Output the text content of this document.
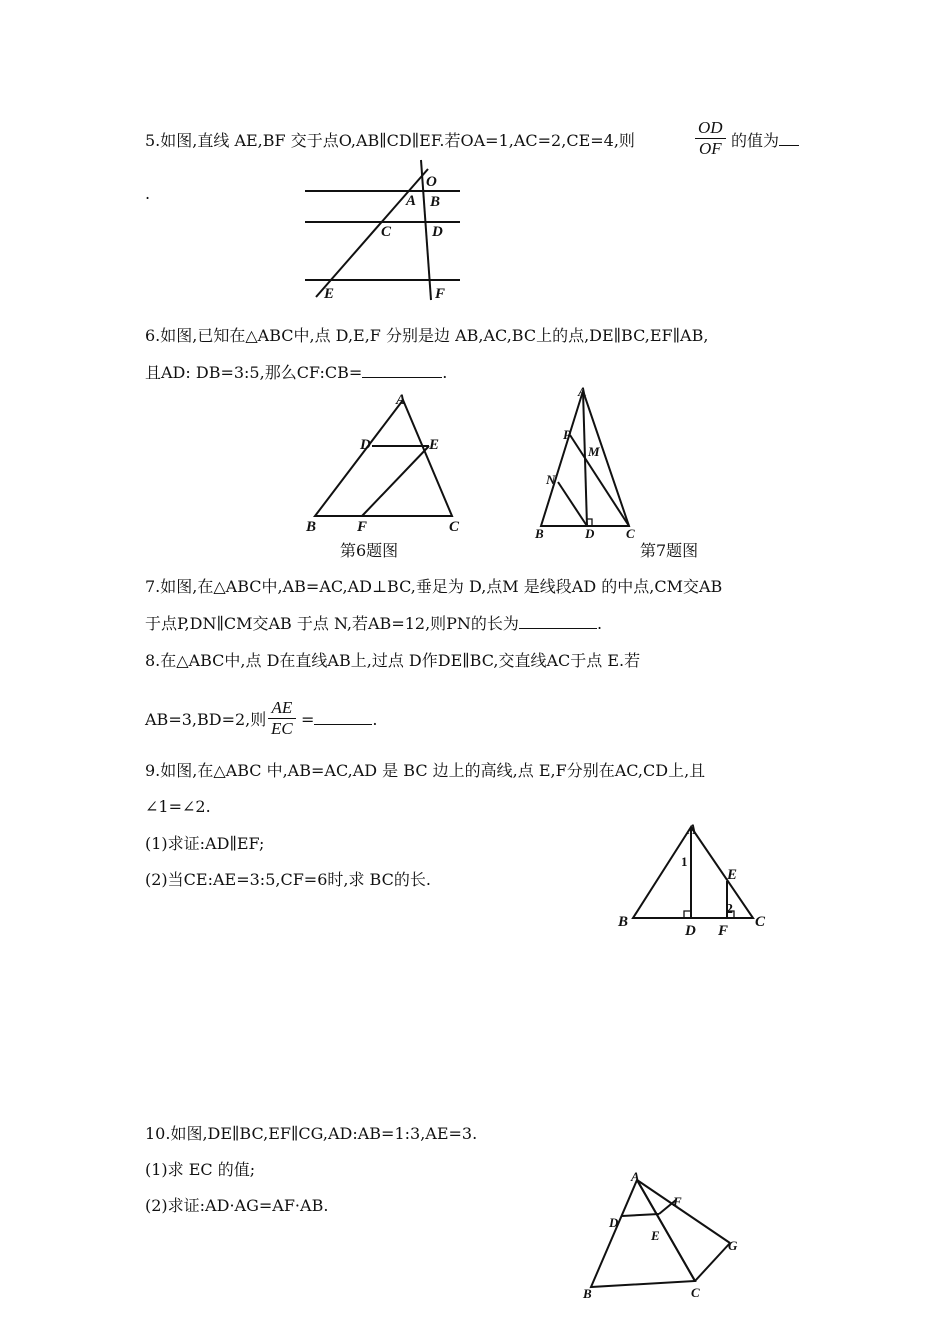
5.如图,直线 AE,BF 交于点O,AB∥CD∥EF.若OA=1,AC=2,CE=4,则	$\frac{OD}{OF}$ 的值为
.
O
A B
C	D
E	F
6.如图,已知在△ABC中,点 D,E,F 分别是边 AB,AC,BC上的点,DE∥BC,EF∥AB,
且AD: DB=3:5,那么CF:CB=	.
A
D	E
B	F	C
第6题图
A
P
M
N
B	D C
第7题图
7.如图,在△ABC中,AB=AC,AD⊥BC,垂足为 D,点M 是线段AD 的中点,CM交AB
于点P,DN∥CM交AB 于点 N,若AB=12,则PN的长为	.
8.在△ABC中,点 D在直线AB上,过点 D作DE∥BC,交直线AC于点 E.若
AB=3,BD=2,则 $\frac{AE}{EC}$ =	.
9.如图,在△ABC 中,AB=AC,AD 是 BC 边上的高线,点 E,F分别在AC,CD上,且
∠1=∠2.
(1)求证:AD∥EF;
(2)当CE:AE=3:5,CF=6时,求 BC的长.
A
1
E
2
B
D F
C
10.如图,DE∥BC,EF∥CG,AD:AB=1:3,AE=3.
(1)求 EC 的值;
(2)求证:AD·AG=AF·AB.
A
F
D
E
G
B	C
